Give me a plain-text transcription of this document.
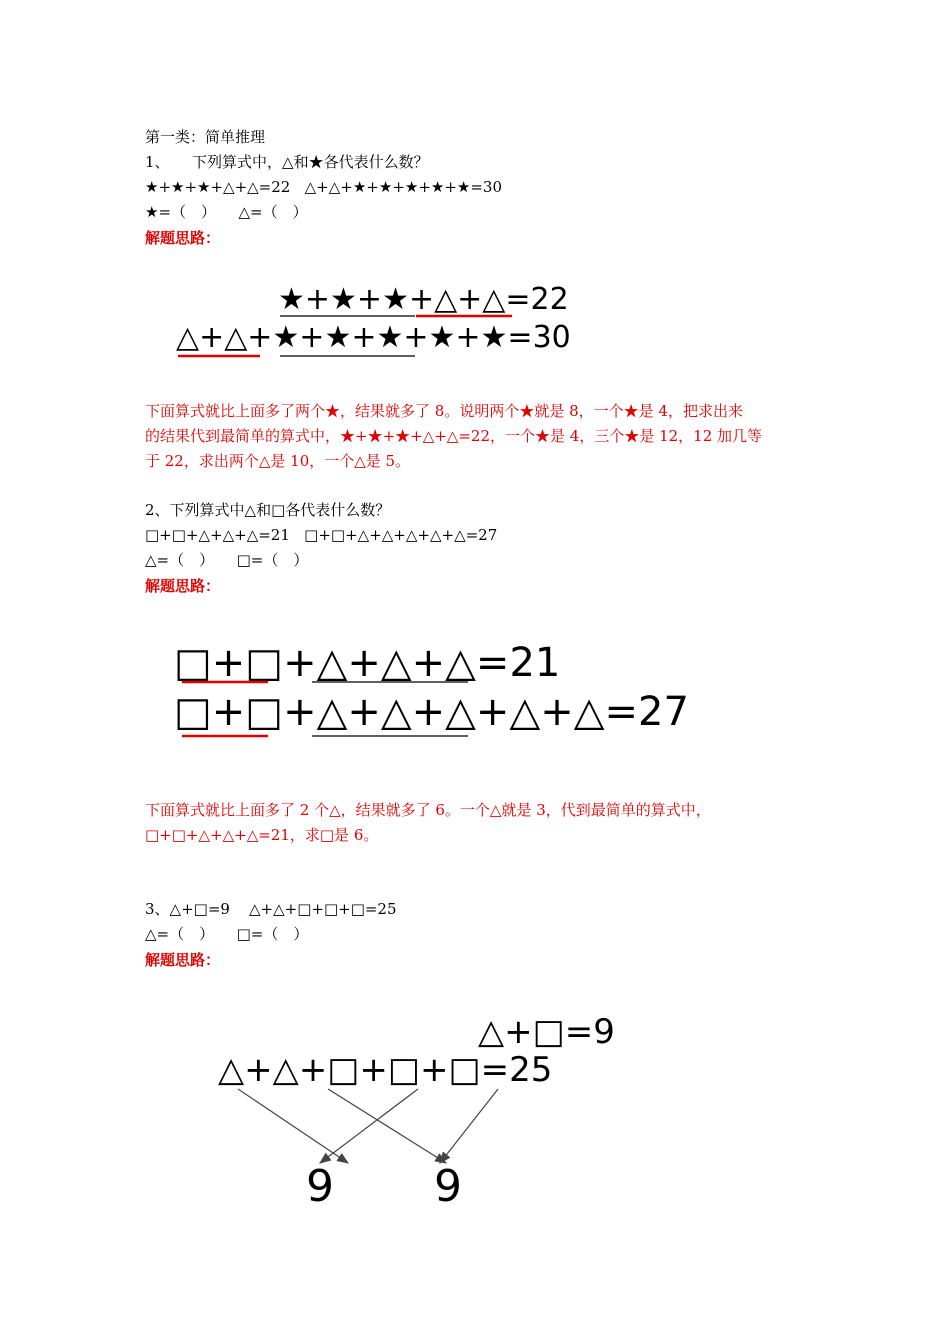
第一类：简单推理
1、　　下列算式中，△和★各代表什么数？
★+★+★+△+△=22   △+△+★+★+★+★+★=30
★=（　）　　△=（　）
解题思路：
★+★+★+△+△=22
△+△+★+★+★+★+★=30
下面算式就比上面多了两个★，结果就多了 8。说明两个★就是 8，一个★是 4，把求出来
的结果代到最简单的算式中，★+★+★+△+△=22，一个★是 4，三个★是 12，12 加几等
于 22，求出两个△是 10，一个△是 5。
2、下列算式中△和□各代表什么数？
□+□+△+△+△=21   □+□+△+△+△+△+△=27
△=（　）　　□=（　）
解题思路：
□+□+△+△+△=21
□+□+△+△+△+△+△=27
下面算式就比上面多了 2 个△，结果就多了 6。一个△就是 3，代到最简单的算式中，
□+□+△+△+△=21，求□是 6。
3、△+□=9    △+△+□+□+□=25
△=（　）　　□=（　）
解题思路：
△+□=9
△+△+□+□+□=25
9 9
